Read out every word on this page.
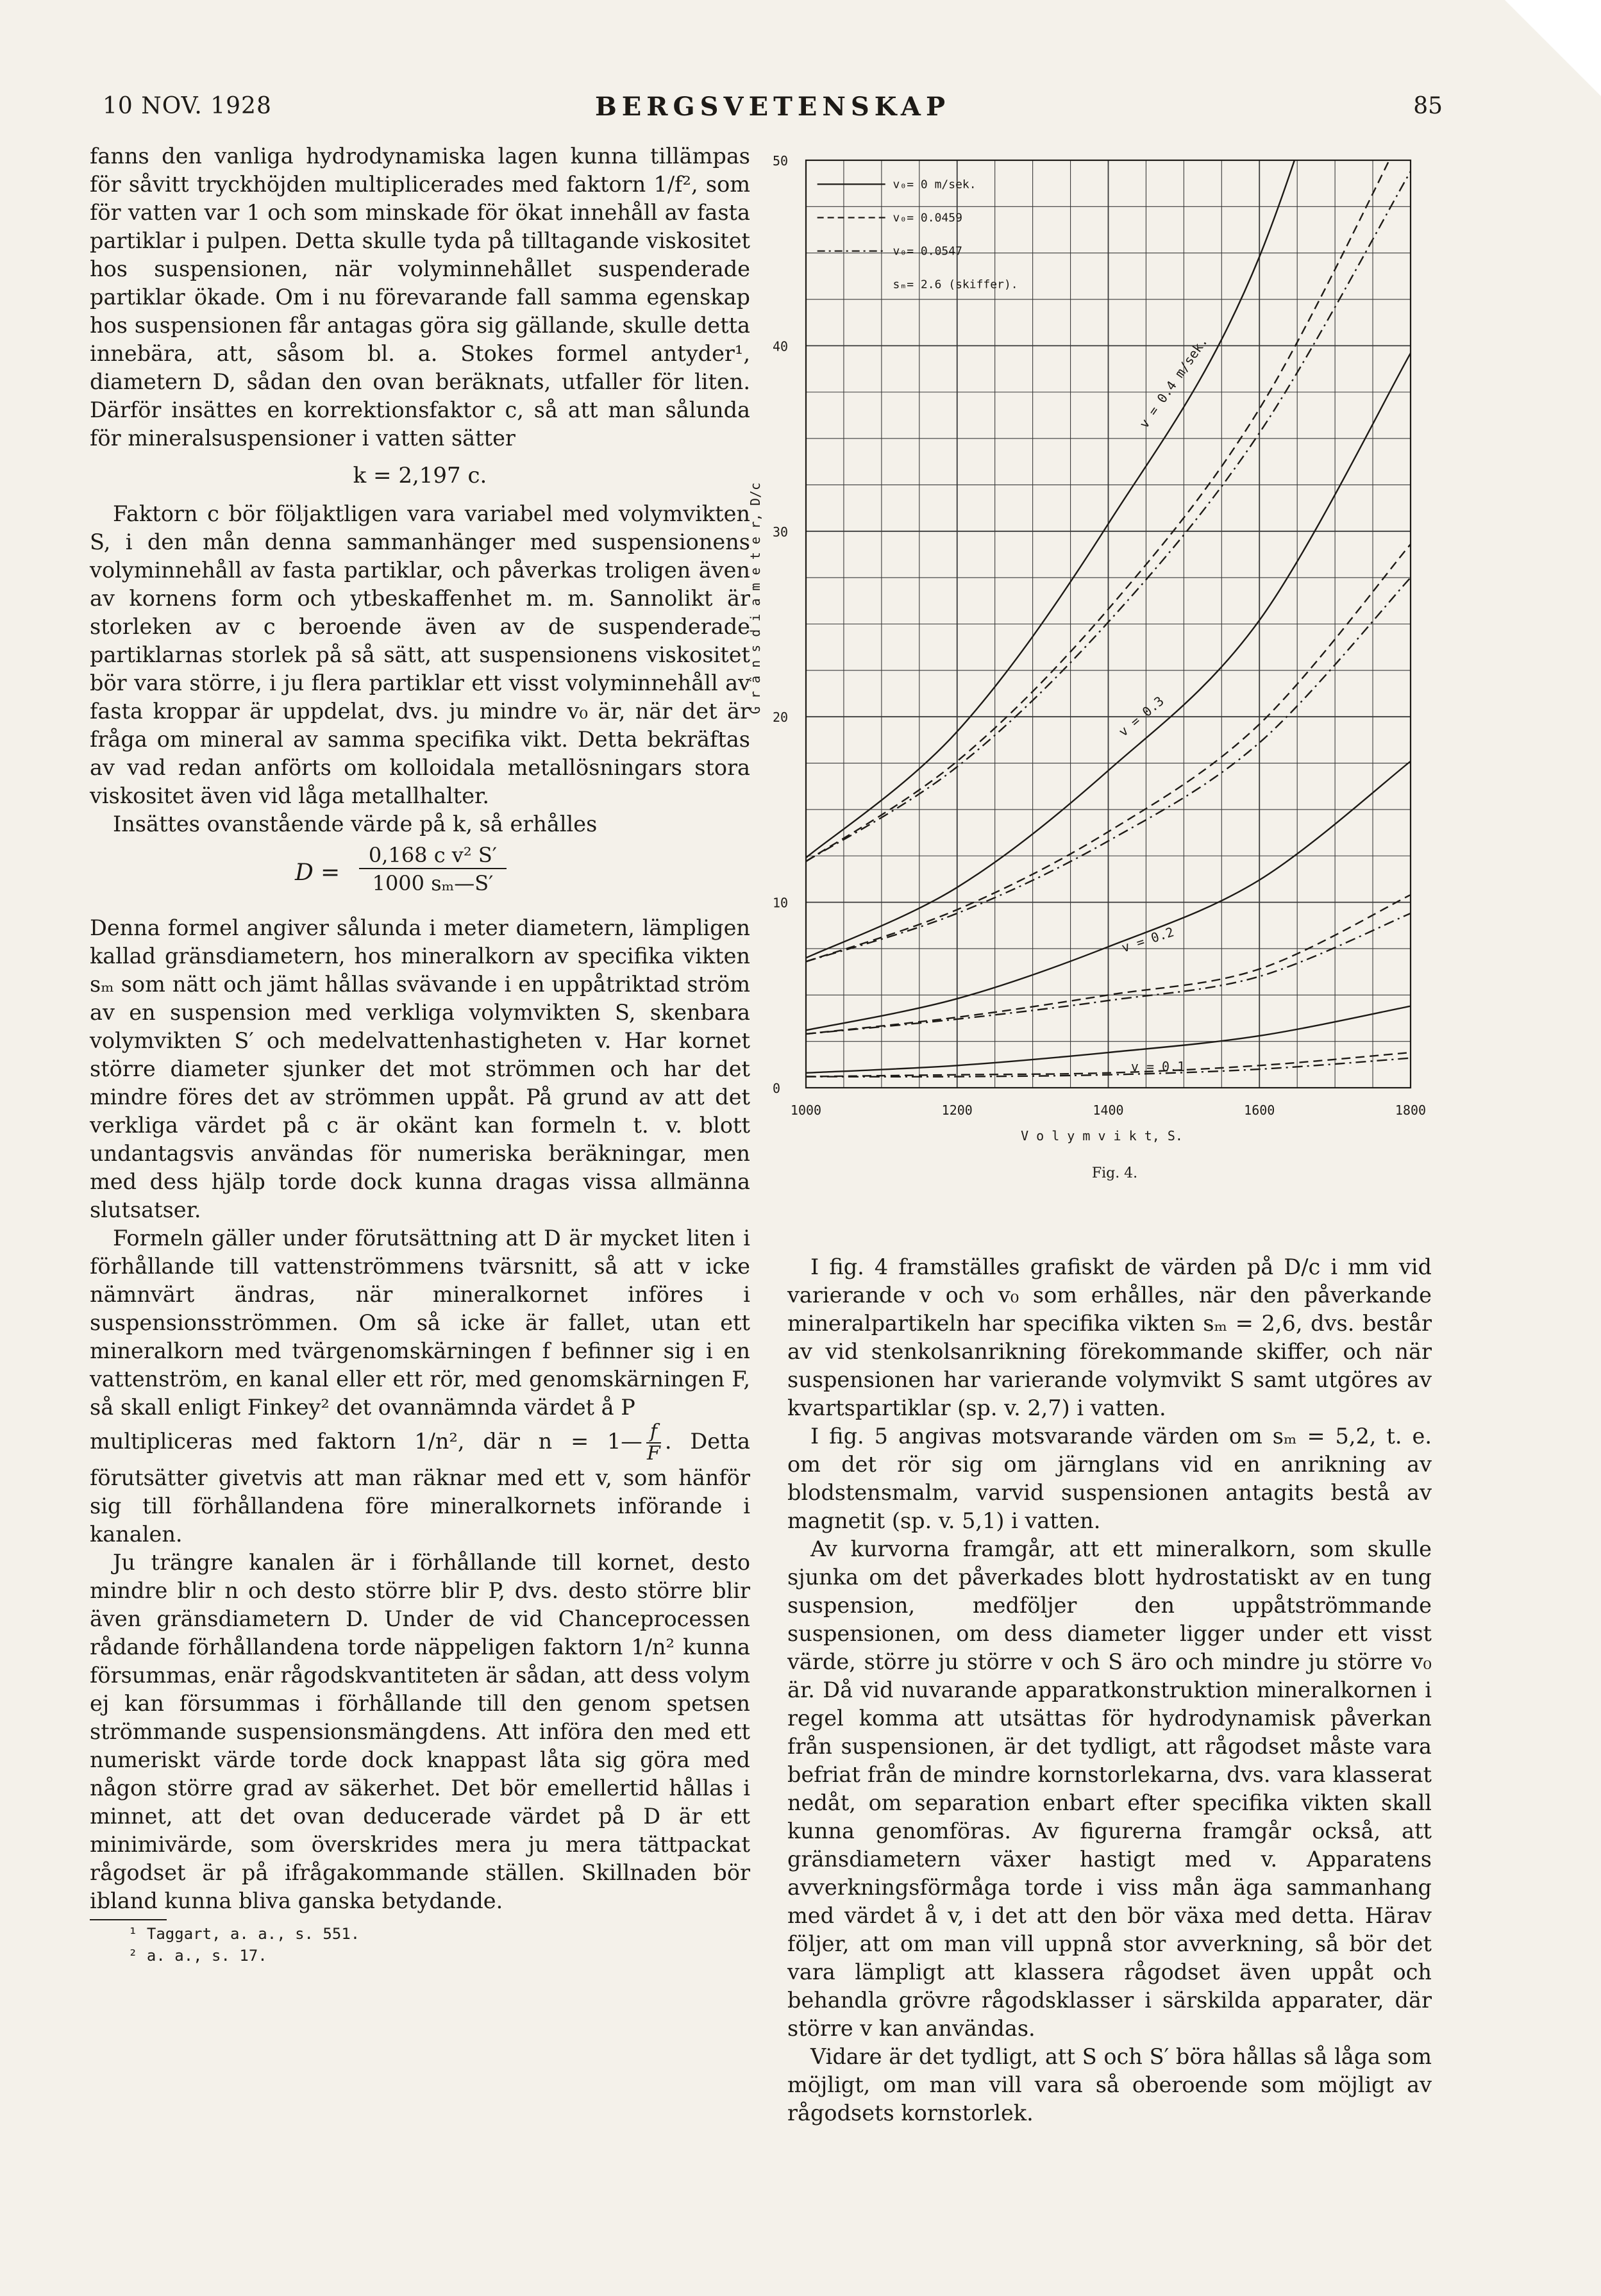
10 NOV. 1928	BERGSVETENSKAP	85

fanns den vanliga hydrodynamiska lagen kunna tillämpas för såvitt tryckhöjden multiplicerades med faktorn 1/f², som för vatten var 1 och som minskade för ökat innehåll av fasta partiklar i pulpen. Detta skulle tyda på tilltagande viskositet hos suspensionen, när volyminnehållet suspenderade partiklar ökade. Om i nu förevarande fall samma egenskap hos suspensionen får antagas göra sig gällande, skulle detta innebära, att, såsom bl. a. Stokes formel antyder¹, diametern D, sådan den ovan beräknats, utfaller för liten. Därför insättes en korrektionsfaktor c, så att man sålunda för mineralsuspensioner i vatten sätter

k = 2,197 c.

Faktorn c bör följaktligen vara variabel med volymvikten S, i den mån denna sammanhänger med suspensionens volyminnehåll av fasta partiklar, och påverkas troligen även av kornens form och ytbeskaffenhet m. m. Sannolikt är storleken av c beroende även av de suspenderade partiklarnas storlek på så sätt, att suspensionens viskositet bör vara större, i ju flera partiklar ett visst volyminnehåll av fasta kroppar är uppdelat, dvs. ju mindre v₀ är, när det är fråga om mineral av samma specifika vikt. Detta bekräftas av vad redan anförts om kolloidala metallösningars stora viskositet även vid låga metallhalter.

Insättes ovanstående värde på k, så erhålles

D =
0,168 c v² S′
1000 sₘ—S′

Denna formel angiver sålunda i meter diametern, lämpligen kallad gränsdiametern, hos mineralkorn av specifika vikten sₘ som nätt och jämt hållas svävande i en uppåtriktad ström av en suspension med verkliga volymvikten S, skenbara volymvikten S′ och medelvattenhastigheten v. Har kornet större diameter sjunker det mot strömmen och har det mindre föres det av strömmen uppåt. På grund av att det verkliga värdet på c är okänt kan formeln t. v. blott undantagsvis användas för numeriska beräkningar, men med dess hjälp torde dock kunna dragas vissa allmänna slutsatser.

Formeln gäller under förutsättning att D är mycket liten i förhållande till vattenströmmens tvärsnitt, så att v icke nämnvärt ändras, när mineralkornet införes i suspensionsströmmen. Om så icke är fallet, utan ett mineralkorn med tvärgenomskärningen f befinner sig i en vattenström, en kanal eller ett rör, med genomskärningen F, så skall enligt Finkey² det ovannämnda värdet å P

multipliceras med faktorn 1/n², där n = 1— $\frac{f}{F}$ . Detta förutsätter givetvis att man räknar med ett v, som hänför sig till förhållandena före mineralkornets införande i kanalen.

Ju trängre kanalen är i förhållande till kornet, desto mindre blir n och desto större blir P, dvs. desto större blir även gränsdiametern D. Under de vid Chanceprocessen rådande förhållandena torde näppeligen faktorn 1/n² kunna försummas, enär rågodskvantiteten är sådan, att dess volym ej kan försummas i förhållande till den genom spetsen strömmande suspensionsmängdens. Att införa den med ett numeriskt värde torde dock knappast låta sig göra med någon större grad av säkerhet. Det bör emellertid hållas i minnet, att det ovan deducerade värdet på D är ett minimivärde, som överskrides mera ju mera tättpackat rågodset är på ifrågakommande ställen. Skillnaden bör ibland kunna bliva ganska betydande.

¹ Taggart, a. a., s. 551.
² a. a., s. 17.
0
10
20
30
40
50
1000	1200	1400	1600	1800
V o l y m v i k t, S.
G r ä n s d i a m e t e r, D/c
Fig. 4.
v = 0.1
v = 0.2
v = 0.3
v = 0.4 m/sek.
v₀= 0 m/sek.
v₀= 0.0459
v₀= 0.0547
sₘ= 2.6 (skiffer).

I fig. 4 framställes grafiskt de värden på D/c i mm vid varierande v och v₀ som erhålles, när den påverkande mineralpartikeln har specifika vikten sₘ = 2,6, dvs. består av vid stenkolsanrikning förekommande skiffer, och när suspensionen har varierande volymvikt S samt utgöres av kvartspartiklar (sp. v. 2,7) i vatten.

I fig. 5 angivas motsvarande värden om sₘ = 5,2, t. e. om det rör sig om järnglans vid en anrikning av blodstensmalm, varvid suspensionen antagits bestå av magnetit (sp. v. 5,1) i vatten.

Av kurvorna framgår, att ett mineralkorn, som skulle sjunka om det påverkades blott hydrostatiskt av en tung suspension, medföljer den uppåtströmmande suspensionen, om dess diameter ligger under ett visst värde, större ju större v och S äro och mindre ju större v₀ är. Då vid nuvarande apparatkonstruktion mineralkornen i regel komma att utsättas för hydrodynamisk påverkan från suspensionen, är det tydligt, att rågodset måste vara befriat från de mindre kornstorlekarna, dvs. vara klasserat nedåt, om separation enbart efter specifika vikten skall kunna genomföras. Av figurerna framgår också, att gränsdiametern växer hastigt med v. Apparatens avverkningsförmåga torde i viss mån äga sammanhang med värdet å v, i det att den bör växa med detta. Härav följer, att om man vill uppnå stor avverkning, så bör det vara lämpligt att klassera rågodset även uppåt och behandla grövre rågodsklasser i särskilda apparater, där större v kan användas.

Vidare är det tydligt, att S och S′ böra hållas så låga som möjligt, om man vill vara så oberoende som möjligt av rågodsets kornstorlek.
